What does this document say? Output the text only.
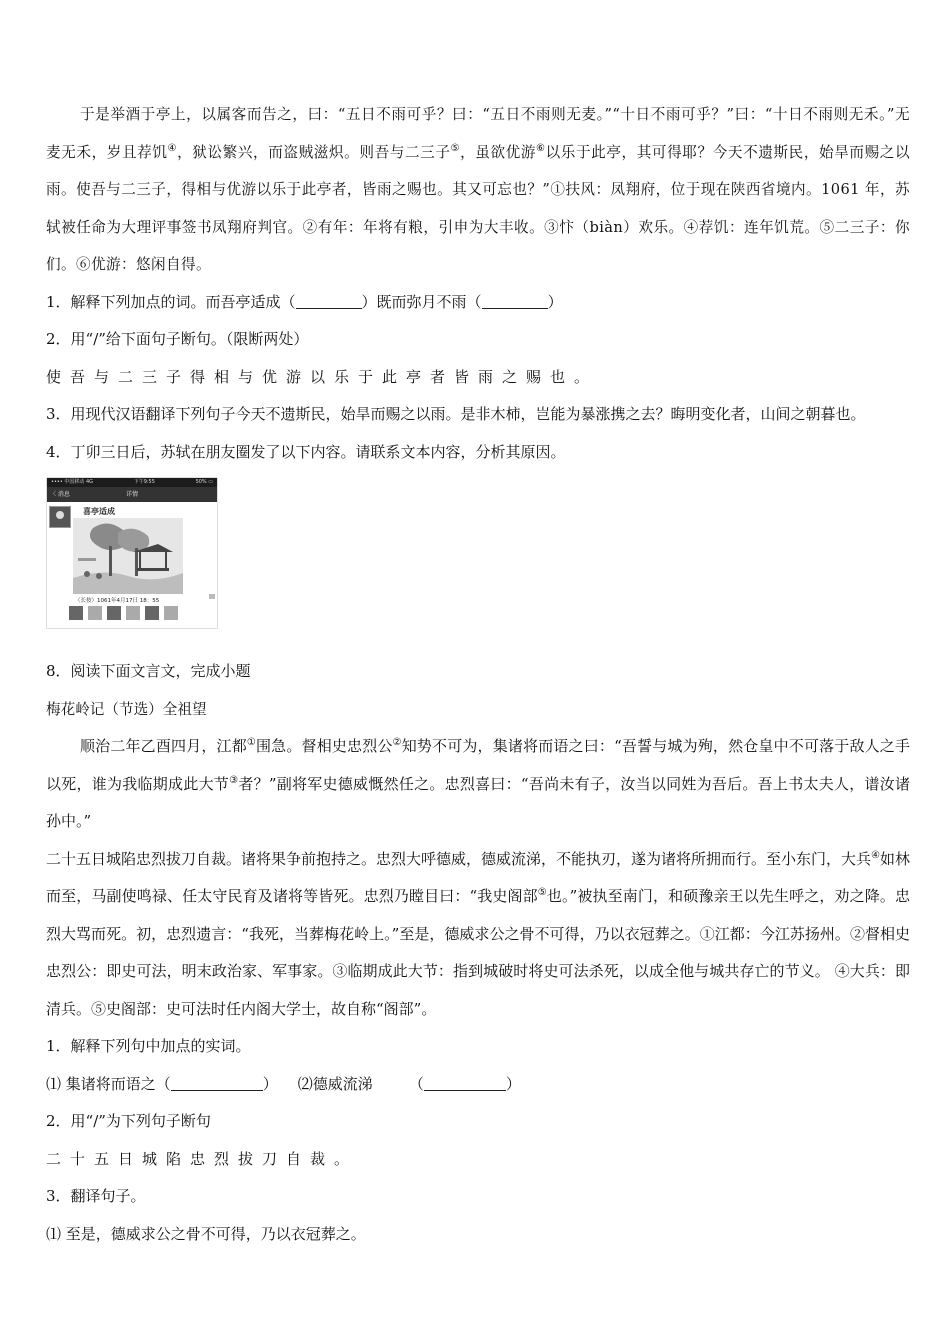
于是举酒于亭上，以属客而告之，曰：“五日不雨可乎？曰：“五日不雨则无麦。”“十日不雨可乎？”曰：“十日不雨则无禾。”无麦无禾，岁且荐饥④，狱讼繁兴，而盗贼滋炽。则吾与二三子⑤，虽欲优游⑥以乐于此亭，其可得耶？今天不遗斯民，始旱而赐之以雨。使吾与二三子，得相与优游以乐于此亭者，皆雨之赐也。其又可忘也？”①扶风：凤翔府，位于现在陕西省境内。1061 年，苏轼被任命为大理评事签书凤翔府判官。②有年：年将有粮，引申为大丰收。③忭（biàn）欢乐。④荐饥：连年饥荒。⑤二三子：你们。⑥优游：悠闲自得。

1．解释下列加点的词。而吾亭适成（	）既而弥月不雨（	）

2．用“/”给下面句子断句。（限断两处）

使吾与二三子得相与优游以乐于此亭者皆雨之赐也。

3．用现代汉语翻译下列句子今天不遗斯民，始旱而赐之以雨。是非木柿，岂能为暴涨携之去？晦明变化者，山间之朝暮也。

4．丁卯三日后，苏轼在朋友圈发了以下内容。请联系文本内容，分析其原因。

•••• 中国移动 4G	下午9:55	50% ▭
〈 消息	详情
喜亭适成
（长按）1061年4月17日 18：55

8．阅读下面文言文，完成小题

梅花岭记（节选）全祖望

顺治二年乙酉四月，江都①围急。督相史忠烈公②知势不可为，集诸将而语之曰：“吾誓与城为殉，然仓皇中不可落于敌人之手以死，谁为我临期成此大节③者？”副将军史德威慨然任之。忠烈喜曰：“吾尚未有子，汝当以同姓为吾后。吾上书太夫人，谱汝诸孙中。”

二十五日城陷忠烈拔刀自裁。诸将果争前抱持之。忠烈大呼德威，德威流涕，不能执刃，遂为诸将所拥而行。至小东门，大兵④如林而至，马副使鸣禄、任太守民育及诸将等皆死。忠烈乃瞠目曰：“我史阁部⑤也。”被执至南门，和硕豫亲王以先生呼之，劝之降。忠烈大骂而死。初，忠烈遗言：“我死，当葬梅花岭上。”至是，德威求公之骨不可得，乃以衣冠葬之。①江都：今江苏扬州。②督相史忠烈公：即史可法，明末政治家、军事家。③临期成此大节：指到城破时将史可法杀死，以成全他与城共存亡的节义。 ④大兵：即清兵。⑤史阁部：史可法时任内阁大学士，故自称“阁部”。

1．解释下列句中加点的实词。

⑴ 集诸将而语之（	） ⑵德威流涕 （	）

2．用“/”为下列句子断句

二十五日城陷忠烈拔刀自裁。

3．翻译句子。

⑴ 至是，德威求公之骨不可得，乃以衣冠葬之。
